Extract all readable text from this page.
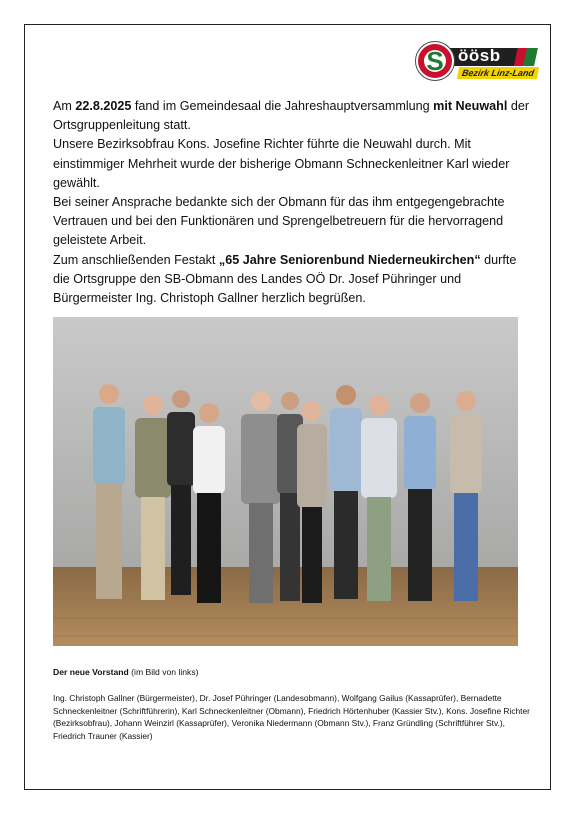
öösb
S	Bezirk Linz-Land

Am 22.8.2025 fand im Gemeindesaal die Jahreshauptversammlung mit Neuwahl der Ortsgruppenleitung statt.

Unsere Bezirksobfrau Kons. Josefine Richter führte die Neuwahl durch. Mit einstimmiger Mehrheit wurde der bisherige Obmann Schneckenleitner Karl wieder gewählt.

Bei seiner Ansprache bedankte sich der Obmann für das ihm entgegengebrachte Vertrauen und bei den Funktionären und Sprengelbetreuern für die hervorragend geleistete Arbeit.

Zum anschließenden Festakt „65 Jahre Seniorenbund Niederneukirchen“ durfte die Ortsgruppe den SB-Obmann des Landes OÖ Dr. Josef Pühringer und Bürgermeister Ing. Christoph Gallner herzlich begrüßen.

Der neue Vorstand (im Bild von links)
Ing. Christoph Gallner (Bürgermeister), Dr. Josef Pühringer (Landesobmann), Wolfgang Gailus (Kassaprüfer), Bernadette Schneckenleitner (Schriftführerin), Karl Schneckenleitner (Obmann), Friedrich Hörtenhuber (Kassier Stv.), Kons. Josefine Richter (Bezirksobfrau), Johann Weinzirl (Kassaprüfer), Veronika Niedermann (Obmann Stv.), Franz Gründling (Schriftführer Stv.), Friedrich Trauner (Kassier)
